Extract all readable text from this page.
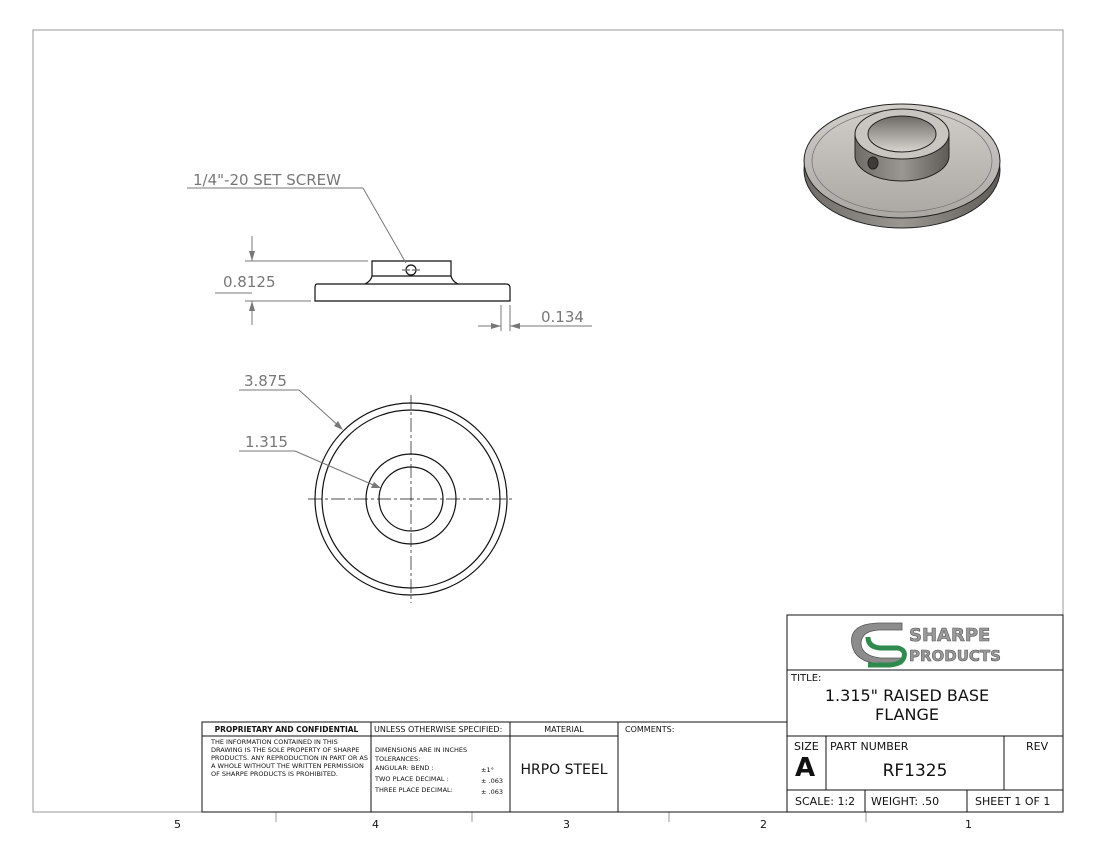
1/4"-20 SET SCREW
0.8125
0.134
3.875
1.315
5	4	3	2	1
SHARPE
PRODUCTS
PROPRIETARY AND CONFIDENTIAL
THE INFORMATION CONTAINED IN THIS DRAWING IS THE SOLE PROPERTY OF SHARPE PRODUCTS. ANY REPRODUCTION IN PART OR AS A WHOLE WITHOUT THE WRITTEN PERMISSION OF SHARPE PRODUCTS IS PROHIBITED.
UNLESS OTHERWISE SPECIFIED:
DIMENSIONS ARE IN INCHES
TOLERANCES:
ANGULAR: BEND :	±1°
TWO PLACE DECIMAL :	± .063
THREE PLACE DECIMAL:	± .063
MATERIAL
HRPO STEEL
COMMENTS:
TITLE:
1.315" RAISED BASE
FLANGE
SIZE
A
PART NUMBER
RF1325
REV
SCALE: 1:2 WEIGHT: .50	SHEET 1 OF 1
